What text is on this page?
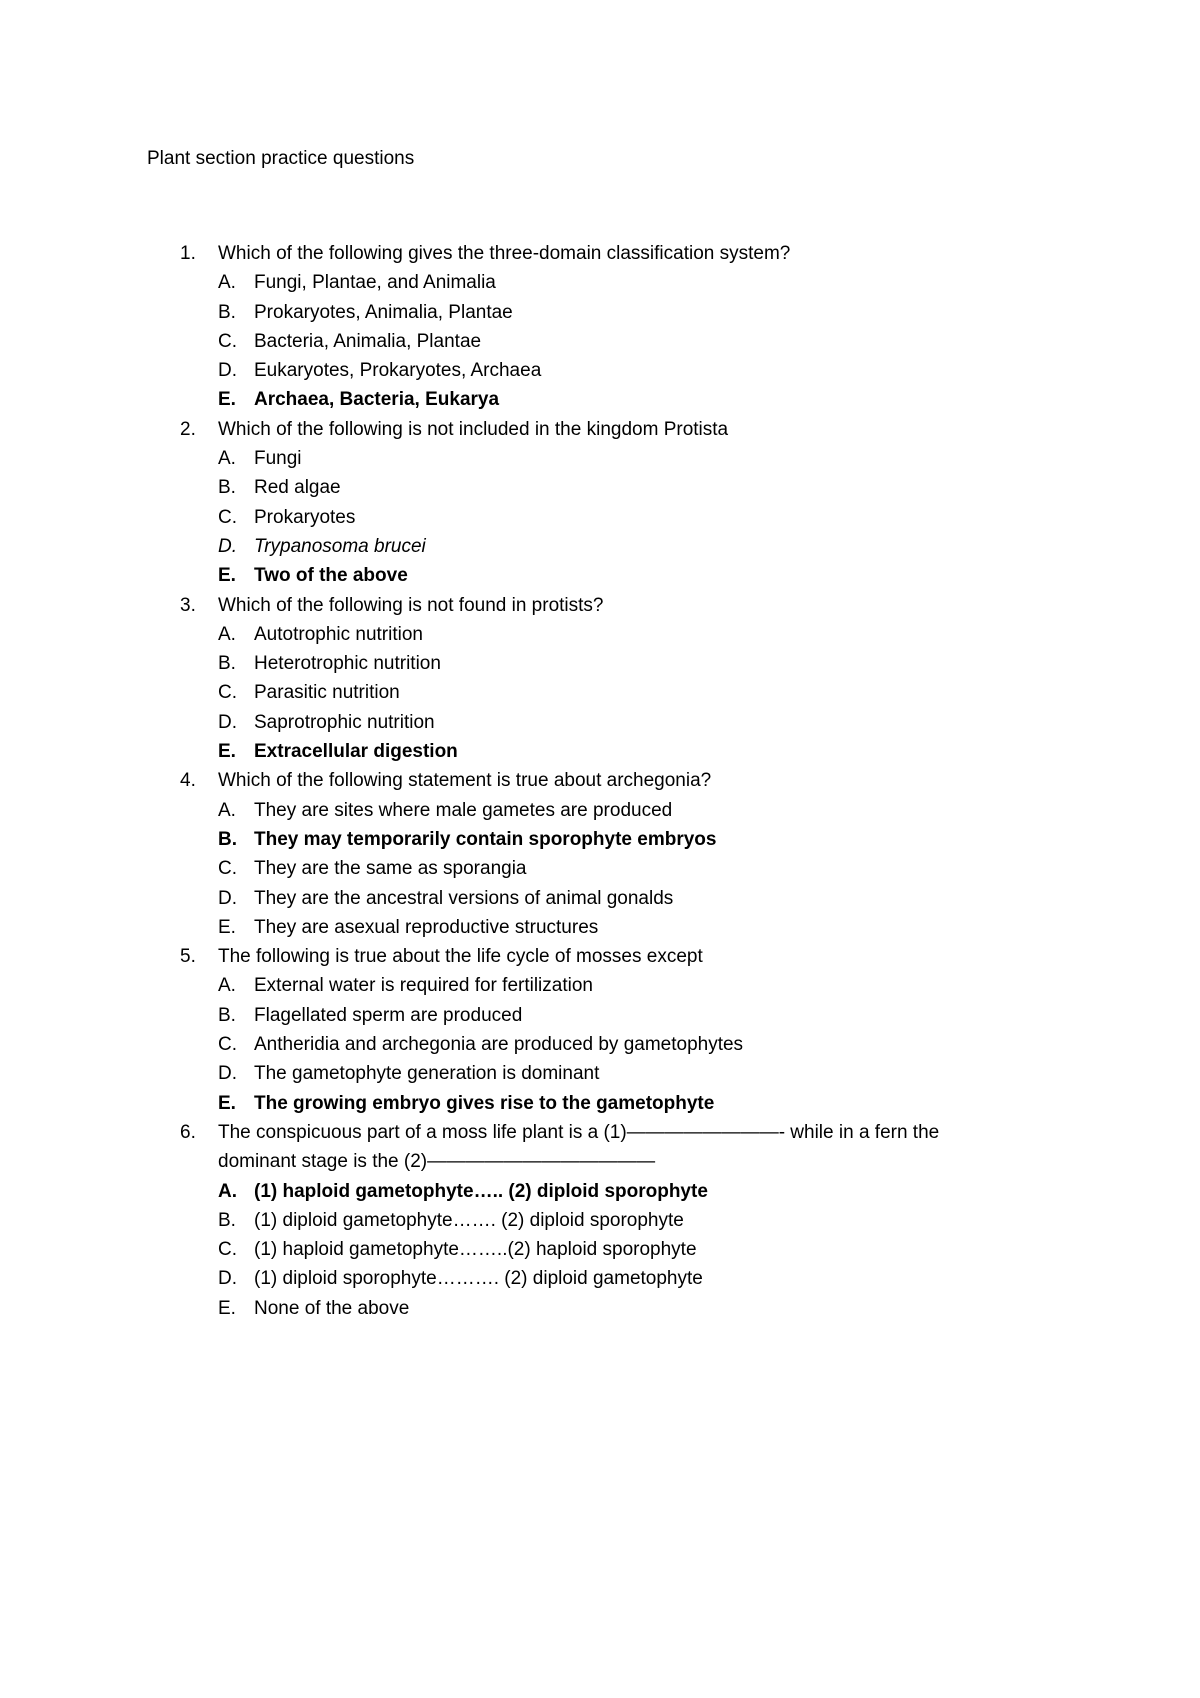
Plant section practice questions
1. Which of the following gives the three-domain classification system?
A. Fungi, Plantae, and Animalia
B. Prokaryotes, Animalia, Plantae
C. Bacteria, Animalia, Plantae
D. Eukaryotes, Prokaryotes, Archaea
E. Archaea, Bacteria, Eukarya
2. Which of the following is not included in the kingdom Protista
A. Fungi
B. Red algae
C. Prokaryotes
D. Trypanosoma brucei
E. Two of the above
3. Which of the following is not found in protists?
A. Autotrophic nutrition
B. Heterotrophic nutrition
C. Parasitic nutrition
D. Saprotrophic nutrition
E. Extracellular digestion
4. Which of the following statement is true about archegonia?
A. They are sites where male gametes are produced
B. They may temporarily contain sporophyte embryos
C. They are the same as sporangia
D. They are the ancestral versions of animal gonalds
E. They are asexual reproductive structures
5. The following is true about the life cycle of mosses except
A. External water is required for fertilization
B. Flagellated sperm are produced
C. Antheridia and archegonia are produced by gametophytes
D. The gametophyte generation is dominant
E. The growing embryo gives rise to the gametophyte
6. The conspicuous part of a moss life plant is a (1)————————- while in a fern the
dominant stage is the (2)————————————
A. (1) haploid gametophyte….. (2) diploid sporophyte
B. (1) diploid gametophyte……. (2) diploid sporophyte
C. (1) haploid gametophyte……..(2) haploid sporophyte
D. (1) diploid sporophyte………. (2) diploid gametophyte
E. None of the above
